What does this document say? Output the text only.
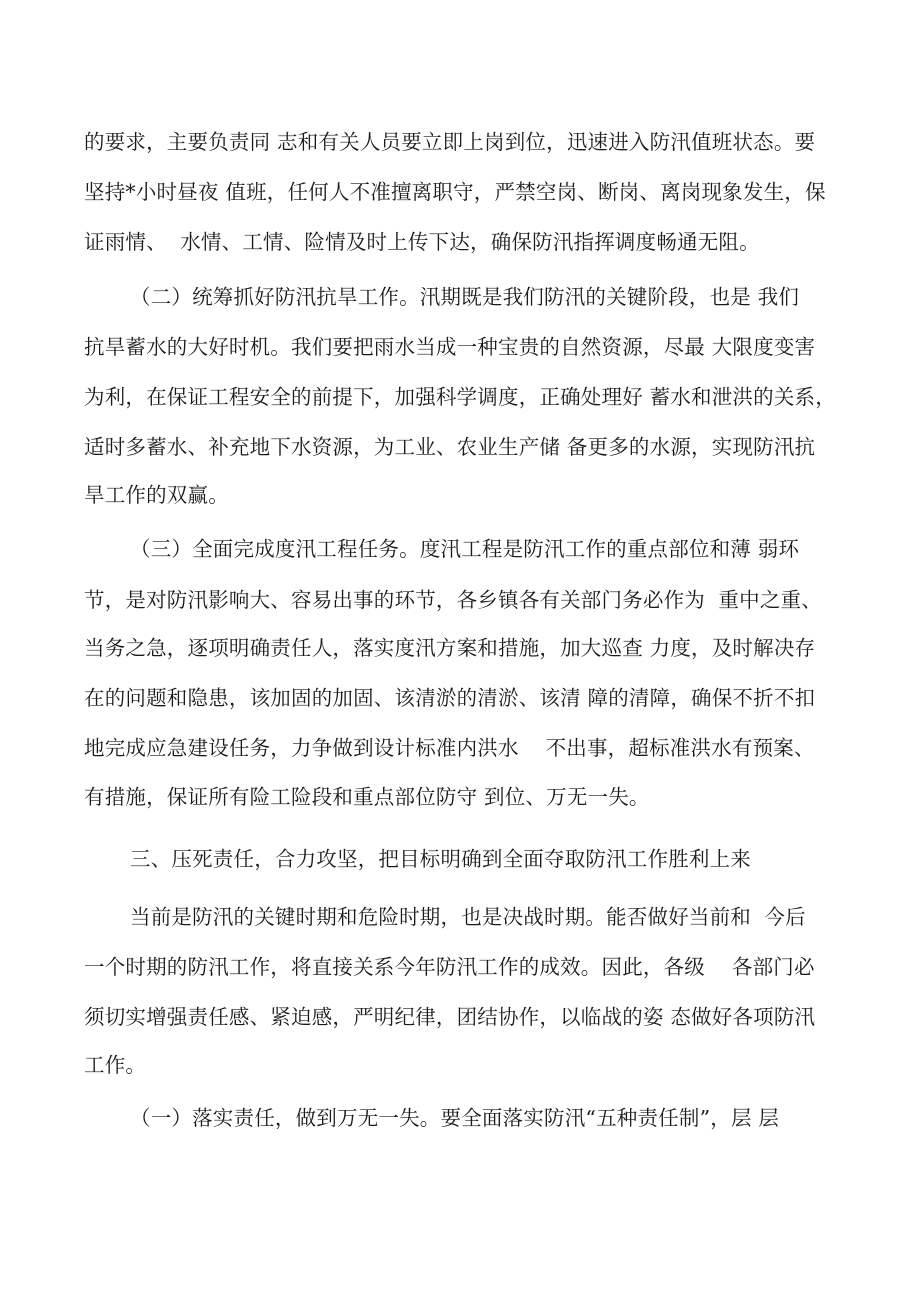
的要求，主要负责同 志和有关人员要立即上岗到位，迅速进入防汛值班状态。要
坚持*小时昼夜 值班，任何人不准擅离职守，严禁空岗、断岗、离岗现象发生，保
证雨情、  水情、工情、险情及时上传下达，确保防汛指挥调度畅通无阻。
（二）统筹抓好防汛抗旱工作。汛期既是我们防汛的关键阶段，也是 我们
抗旱蓄水的大好时机。我们要把雨水当成一种宝贵的自然资源，尽最 大限度变害
为利，在保证工程安全的前提下，加强科学调度，正确处理好 蓄水和泄洪的关系，
适时多蓄水、补充地下水资源，为工业、农业生产储 备更多的水源，实现防汛抗
旱工作的双赢。
（三）全面完成度汛工程任务。度汛工程是防汛工作的重点部位和薄 弱环
节，是对防汛影响大、容易出事的环节，各乡镇各有关部门务必作为  重中之重、
当务之急，逐项明确责任人，落实度汛方案和措施，加大巡查 力度，及时解决存
在的问题和隐患，该加固的加固、该清淤的清淤、该清 障的清障，确保不折不扣
地完成应急建设任务，力争做到设计标准内洪水    不出事，超标准洪水有预案、
有措施，保证所有险工险段和重点部位防守 到位、万无一失。
三、压死责任，合力攻坚，把目标明确到全面夺取防汛工作胜利上来
当前是防汛的关键时期和危险时期，也是决战时期。能否做好当前和  今后
一个时期的防汛工作，将直接关系今年防汛工作的成效。因此，各级    各部门必
须切实增强责任感、紧迫感，严明纪律，团结协作，以临战的姿 态做好各项防汛
工作。
（一）落实责任，做到万无一失。要全面落实防汛“五种责任制”，层 层
